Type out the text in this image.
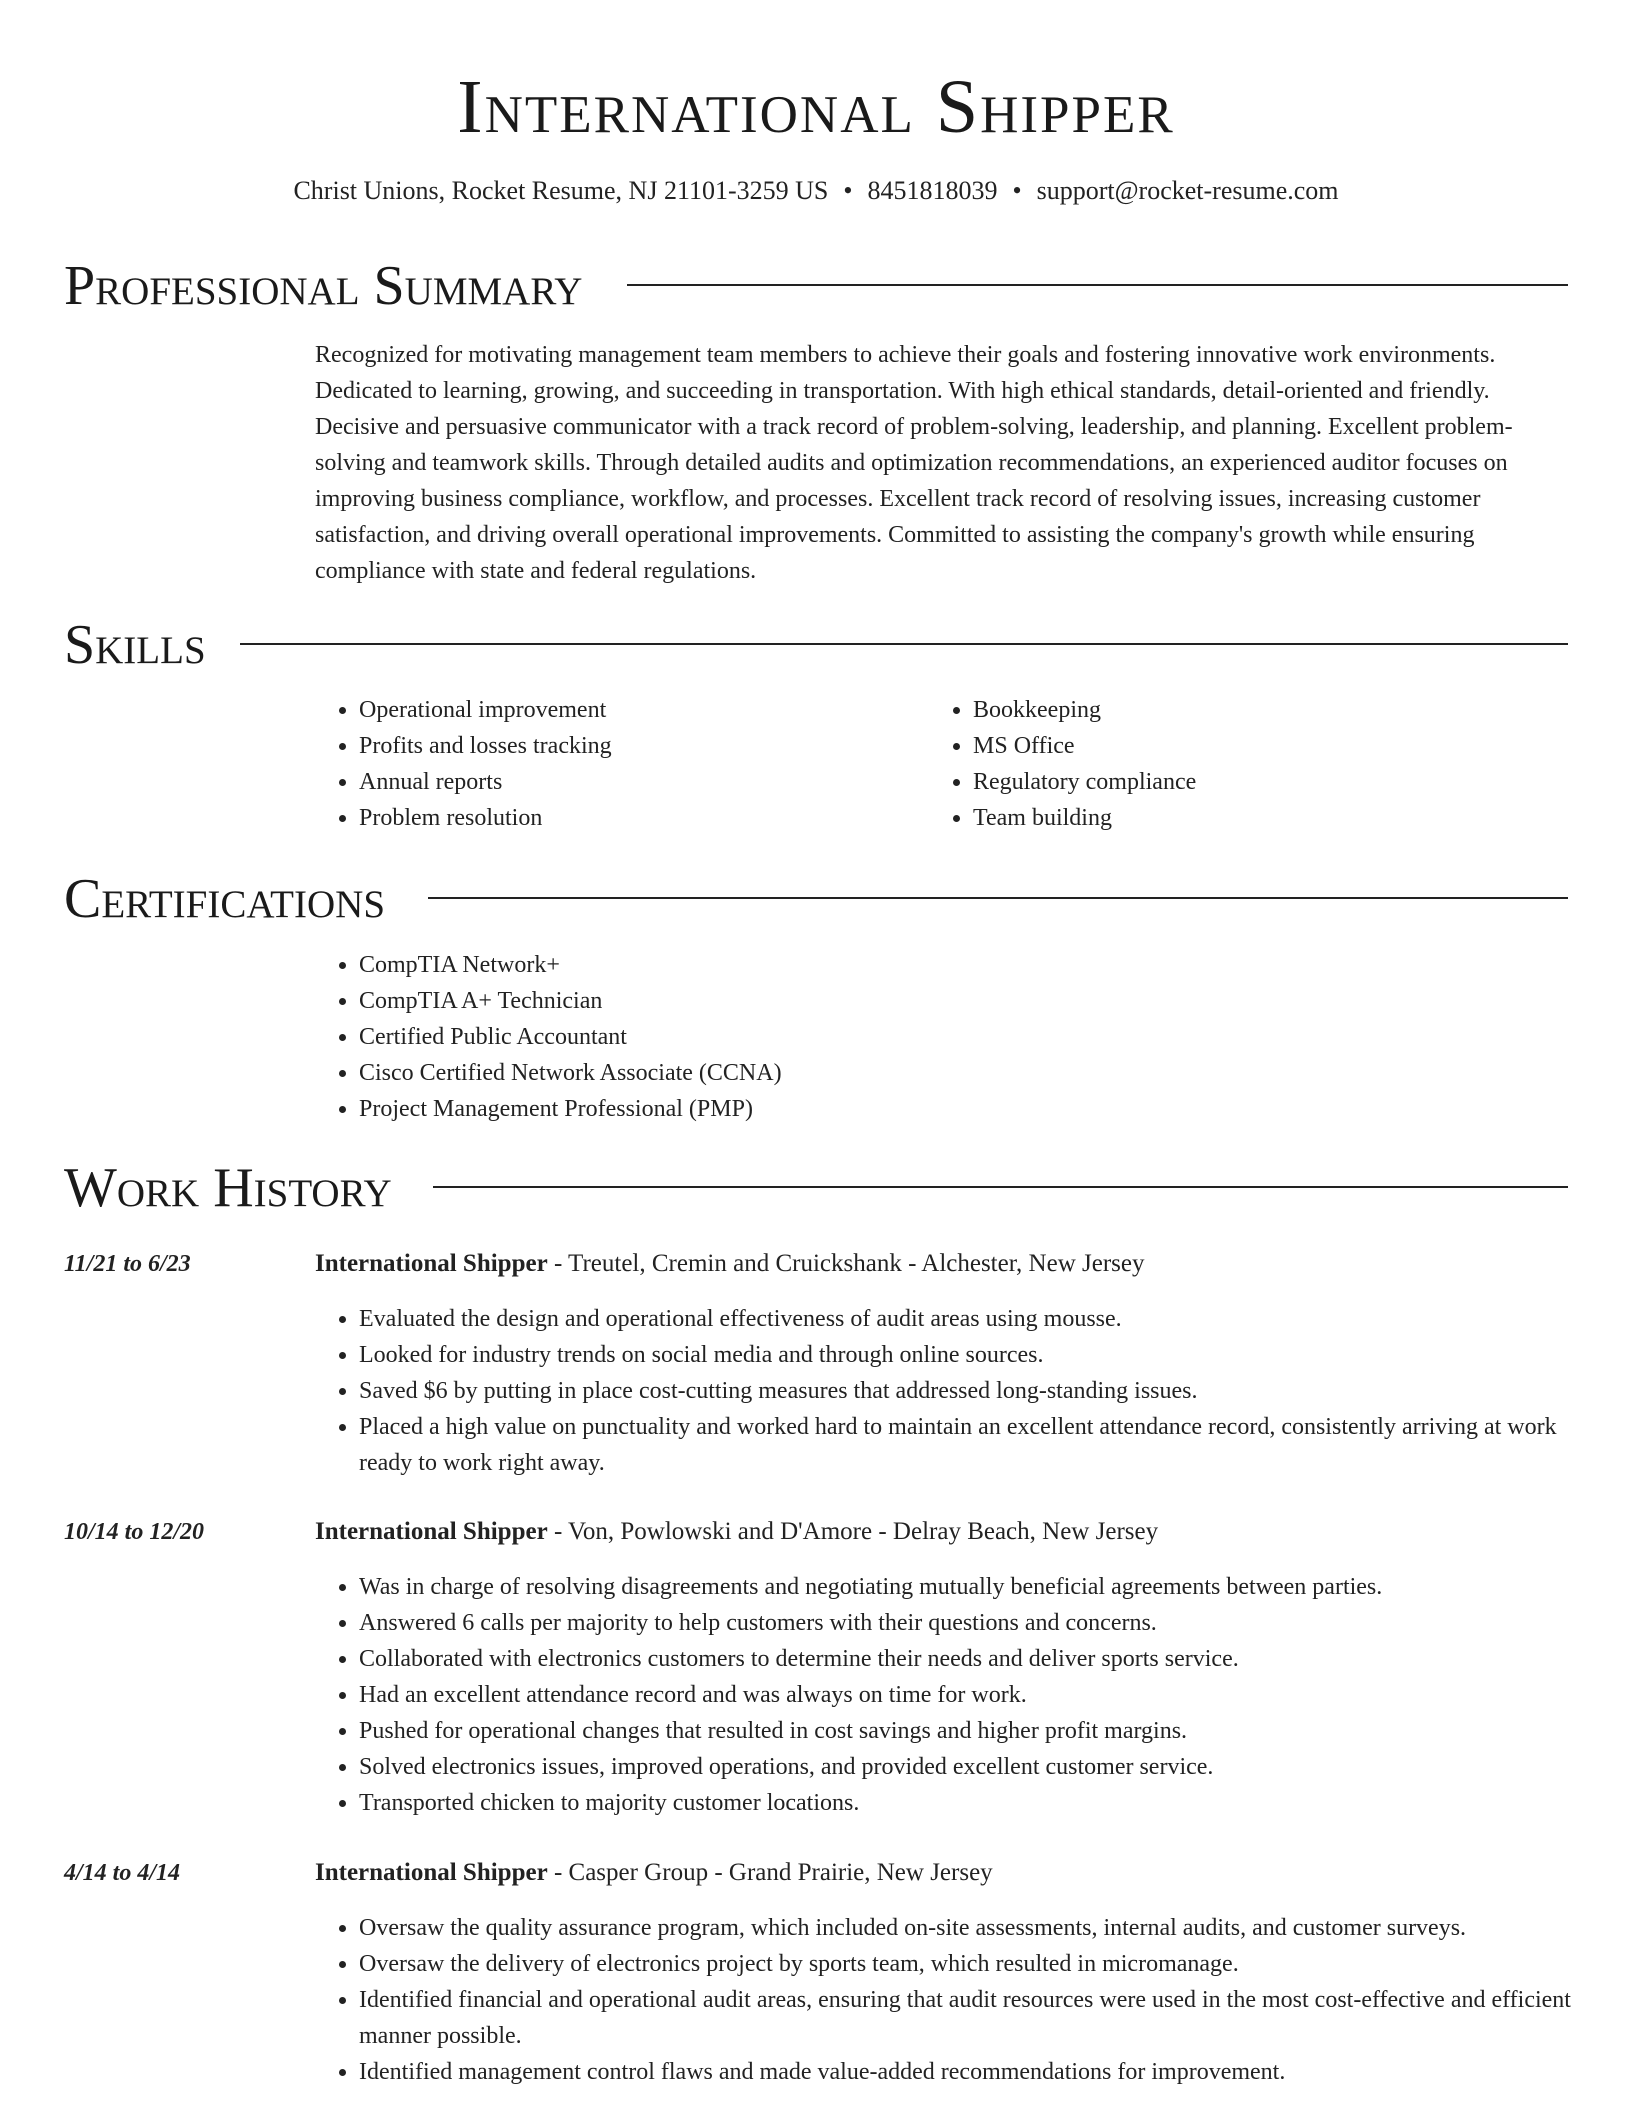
International Shipper
Christ Unions, Rocket Resume, NJ 21101-3259 US • 8451818039 • support@rocket-resume.com
Professional Summary

Recognized for motivating management team members to achieve their goals and fostering innovative work environments. Dedicated to learning, growing, and succeeding in transportation. With high ethical standards, detail-oriented and friendly. Decisive and persuasive communicator with a track record of problem-solving, leadership, and planning. Excellent problem-solving and teamwork skills. Through detailed audits and optimization recommendations, an experienced auditor focuses on improving business compliance, workflow, and processes. Excellent track record of resolving issues, increasing customer satisfaction, and driving overall operational improvements. Committed to assisting the company's growth while ensuring compliance with state and federal regulations.

Skills
• Operational improvement
• Profits and losses tracking
• Annual reports
• Problem resolution
• Bookkeeping
• MS Office
• Regulatory compliance
• Team building
Certifications
• CompTIA Network+
• CompTIA A+ Technician
• Certified Public Accountant
• Cisco Certified Network Associate (CCNA)
• Project Management Professional (PMP)
Work History
11/21 to 6/23	International Shipper - Treutel, Cremin and Cruickshank - Alchester, New Jersey
• Evaluated the design and operational effectiveness of audit areas using mousse.
• Looked for industry trends on social media and through online sources.
• Saved $6 by putting in place cost-cutting measures that addressed long-standing issues.
• Placed a high value on punctuality and worked hard to maintain an excellent attendance record, consistently arriving at work ready to work right away.
10/14 to 12/20	International Shipper - Von, Powlowski and D'Amore - Delray Beach, New Jersey
• Was in charge of resolving disagreements and negotiating mutually beneficial agreements between parties.
• Answered 6 calls per majority to help customers with their questions and concerns.
• Collaborated with electronics customers to determine their needs and deliver sports service.
• Had an excellent attendance record and was always on time for work.
• Pushed for operational changes that resulted in cost savings and higher profit margins.
• Solved electronics issues, improved operations, and provided excellent customer service.
• Transported chicken to majority customer locations.
4/14 to 4/14	International Shipper - Casper Group - Grand Prairie, New Jersey
• Oversaw the quality assurance program, which included on-site assessments, internal audits, and customer surveys.
• Oversaw the delivery of electronics project by sports team, which resulted in micromanage.
• Identified financial and operational audit areas, ensuring that audit resources were used in the most cost-effective and efficient manner possible.
• Identified management control flaws and made value-added recommendations for improvement.
